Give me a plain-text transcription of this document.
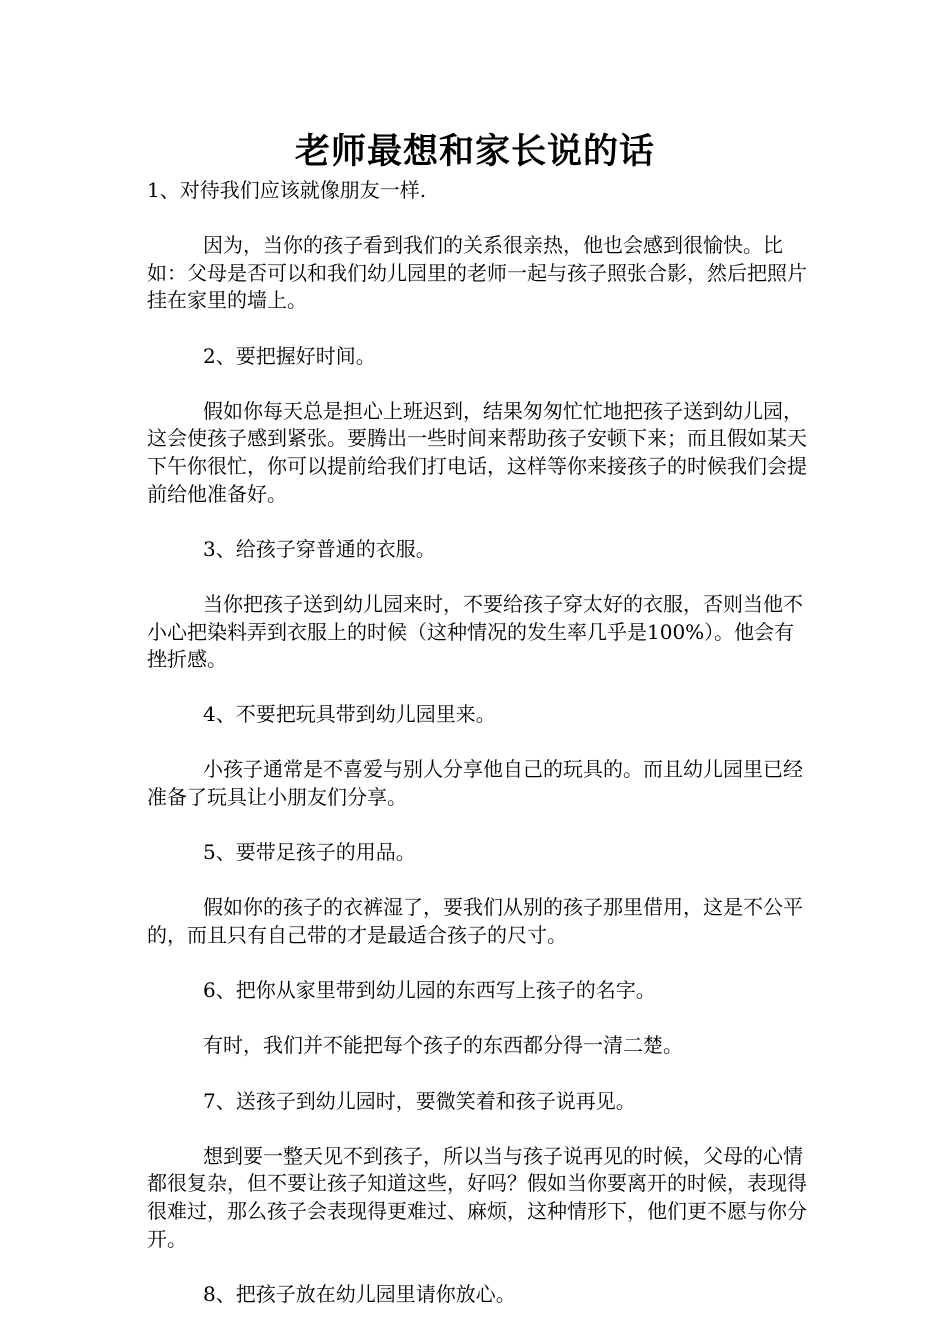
老师最想和家长说的话

1、对待我们应该就像朋友一样.

因为，当你的孩子看到我们的关系很亲热，他也会感到很愉快。比如：父母是否可以和我们幼儿园里的老师一起与孩子照张合影，然后把照片挂在家里的墙上。

2、要把握好时间。

假如你每天总是担心上班迟到，结果匆匆忙忙地把孩子送到幼儿园，这会使孩子感到紧张。要腾出一些时间来帮助孩子安顿下来；而且假如某天下午你很忙，你可以提前给我们打电话，这样等你来接孩子的时候我们会提前给他准备好。

3、给孩子穿普通的衣服。

当你把孩子送到幼儿园来时，不要给孩子穿太好的衣服，否则当他不小心把染料弄到衣服上的时候（这种情况的发生率几乎是100%）。他会有挫折感。

4、不要把玩具带到幼儿园里来。

小孩子通常是不喜爱与别人分享他自己的玩具的。而且幼儿园里已经准备了玩具让小朋友们分享。

5、要带足孩子的用品。

假如你的孩子的衣裤湿了，要我们从别的孩子那里借用，这是不公平的，而且只有自己带的才是最适合孩子的尺寸。

6、把你从家里带到幼儿园的东西写上孩子的名字。

有时，我们并不能把每个孩子的东西都分得一清二楚。

7、送孩子到幼儿园时，要微笑着和孩子说再见。

想到要一整天见不到孩子，所以当与孩子说再见的时候，父母的心情都很复杂，但不要让孩子知道这些，好吗？假如当你要离开的时候，表现得很难过，那么孩子会表现得更难过、麻烦，这种情形下，他们更不愿与你分开。

8、把孩子放在幼儿园里请你放心。
